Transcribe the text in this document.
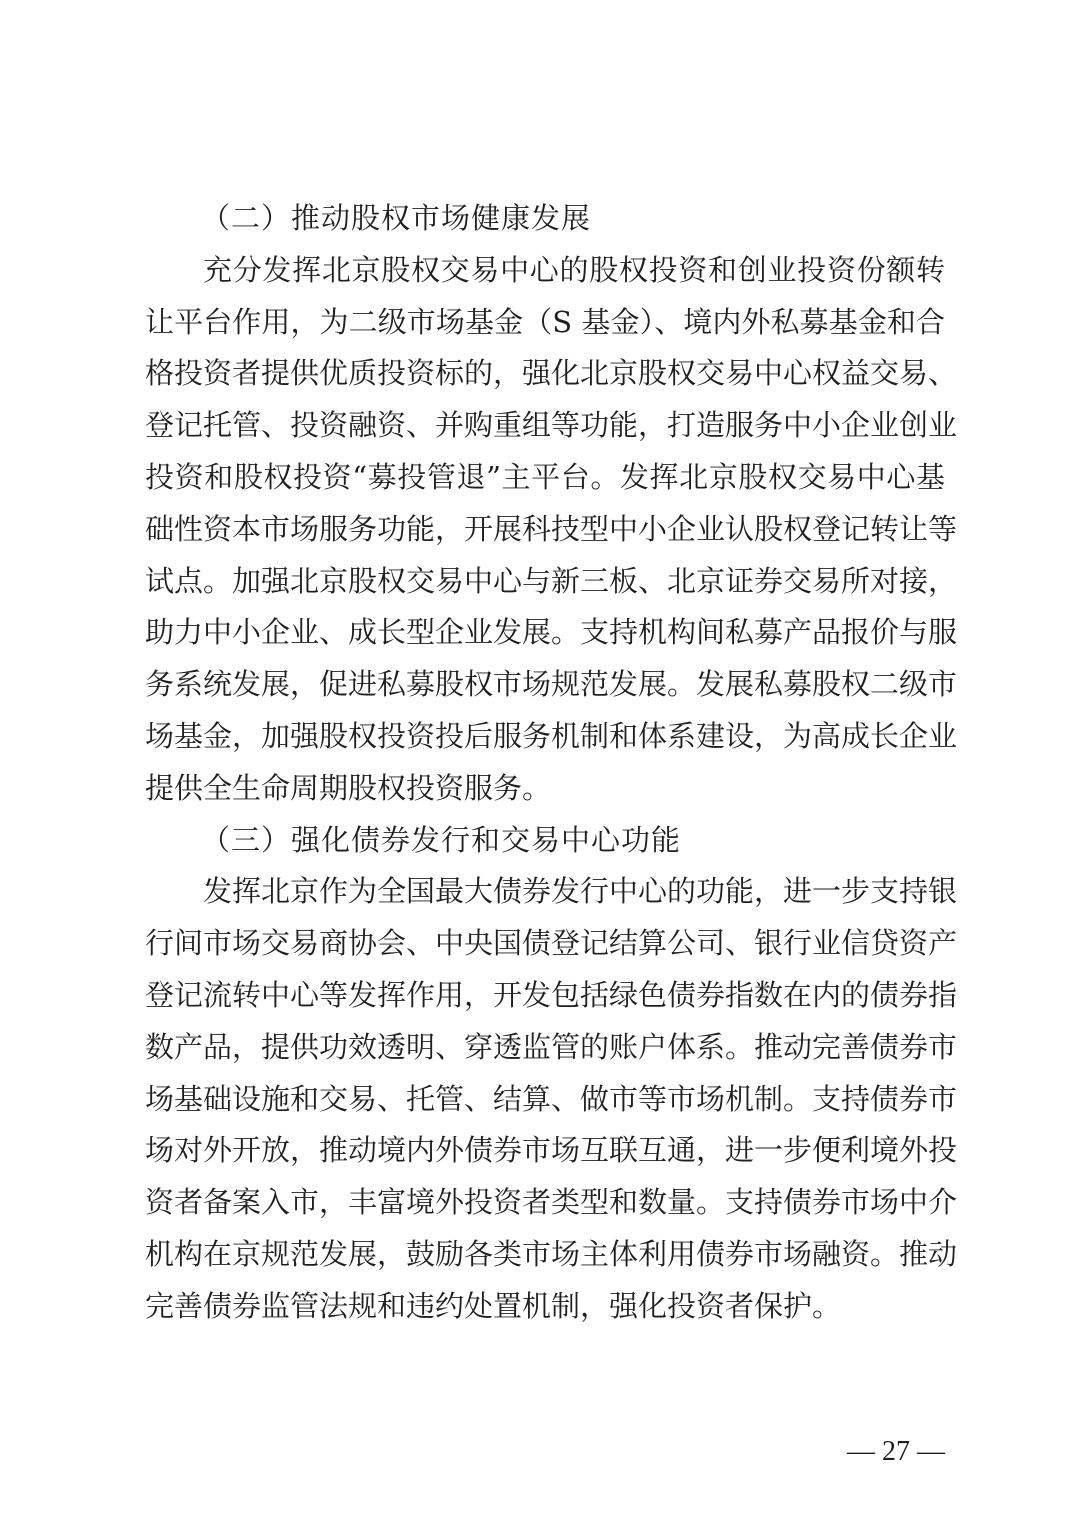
（二）推动股权市场健康发展

充分发挥北京股权交易中心的股权投资和创业投资份额转
让平台作用，为二级市场基金（S 基金）、境内外私募基金和合
格投资者提供优质投资标的，强化北京股权交易中心权益交易、
登记托管、投资融资、并购重组等功能，打造服务中小企业创业
投资和股权投资“募投管退”主平台。发挥北京股权交易中心基
础性资本市场服务功能，开展科技型中小企业认股权登记转让等
试点。加强北京股权交易中心与新三板、北京证券交易所对接，
助力中小企业、成长型企业发展。支持机构间私募产品报价与服
务系统发展，促进私募股权市场规范发展。发展私募股权二级市
场基金，加强股权投资投后服务机制和体系建设，为高成长企业
提供全生命周期股权投资服务。

（三）强化债券发行和交易中心功能

发挥北京作为全国最大债券发行中心的功能，进一步支持银
行间市场交易商协会、中央国债登记结算公司、银行业信贷资产
登记流转中心等发挥作用，开发包括绿色债券指数在内的债券指
数产品，提供功效透明、穿透监管的账户体系。推动完善债券市
场基础设施和交易、托管、结算、做市等市场机制。支持债券市
场对外开放，推动境内外债券市场互联互通，进一步便利境外投
资者备案入市，丰富境外投资者类型和数量。支持债券市场中介
机构在京规范发展，鼓励各类市场主体利用债券市场融资。推动
完善债券监管法规和违约处置机制，强化投资者保护。

— 27 —
